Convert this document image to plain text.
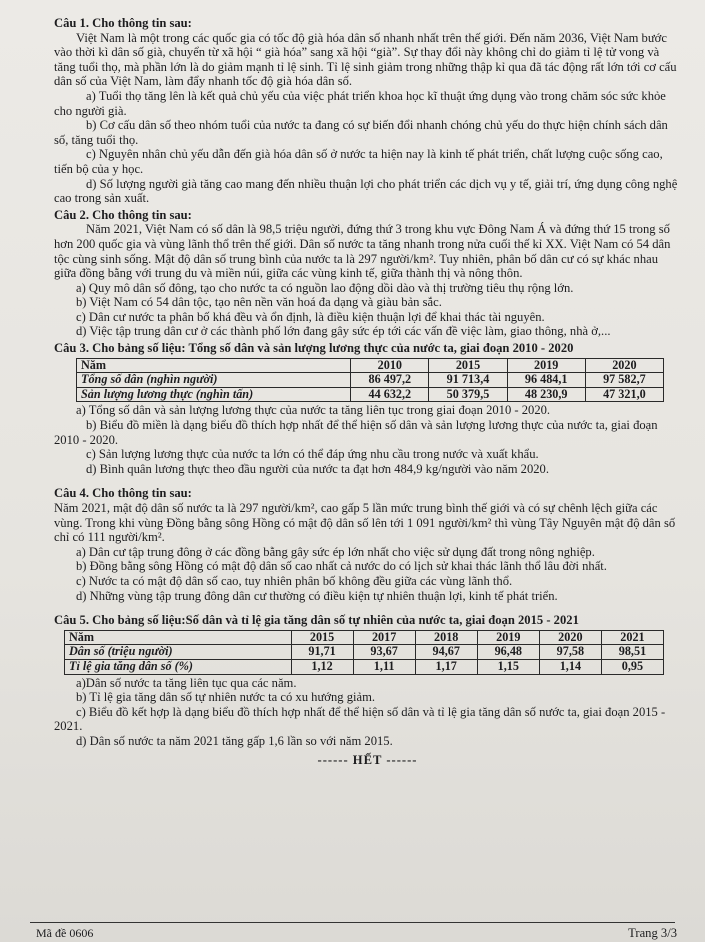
Câu 1. Cho thông tin sau:

Việt Nam là một trong các quốc gia có tốc độ già hóa dân số nhanh nhất trên thế giới. Đến năm 2036, Việt Nam bước vào thời kì dân số già, chuyển từ xã hội “ già hóa” sang xã hội “già”. Sự thay đổi này không chỉ do giảm tỉ lệ tử vong và tăng tuổi thọ, mà phần lớn là do giảm mạnh tỉ lệ sinh. Tỉ lệ sinh giảm trong những thập kỉ qua đã tác động rất lớn tới cơ cấu dân số của Việt Nam, làm đẩy nhanh tốc độ già hóa dân số.

a) Tuổi thọ tăng lên là kết quả chủ yếu của việc phát triển khoa học kĩ thuật ứng dụng vào trong chăm sóc sức khỏe cho người già.

b) Cơ cấu dân số theo nhóm tuổi của nước ta đang có sự biến đổi nhanh chóng chủ yếu do thực hiện chính sách dân số, tăng tuổi thọ.

c) Nguyên nhân chủ yếu dẫn đến già hóa dân số ở nước ta hiện nay là kinh tế phát triển, chất lượng cuộc sống cao, tiến bộ của y học.

d) Số lượng người già tăng cao mang đến nhiều thuận lợi cho phát triển các dịch vụ y tế, giải trí, ứng dụng công nghệ cao trong sản xuất.

Câu 2. Cho thông tin sau:

Năm 2021, Việt Nam có số dân là 98,5 triệu người, đứng thứ 3 trong khu vực Đông Nam Á và đứng thứ 15 trong số hơn 200 quốc gia và vùng lãnh thổ trên thế giới. Dân số nước ta tăng nhanh trong nửa cuối thế kỉ XX. Việt Nam có 54 dân tộc cùng sinh sống. Mật độ dân số trung bình của nước ta là 297 người/km². Tuy nhiên, phân bố dân cư có sự khác nhau giữa đồng bằng với trung du và miền núi, giữa các vùng kinh tế, giữa thành thị và nông thôn.

a) Quy mô dân số đông, tạo cho nước ta có nguồn lao động dồi dào và thị trường tiêu thụ rộng lớn.

b) Việt Nam có 54 dân tộc, tạo nên nền văn hoá đa dạng và giàu bản sắc.

c) Dân cư nước ta phân bố khá đều và ổn định, là điều kiện thuận lợi để khai thác tài nguyên.

d) Việc tập trung dân cư ở các thành phố lớn đang gây sức ép tới các vấn đề việc làm, giao thông, nhà ở,...

Câu 3. Cho bảng số liệu: Tổng số dân và sản lượng lương thực của nước ta, giai đoạn 2010 - 2020

Năm	2010	2015	2019	2020
Tổng số dân (nghìn người)	86 497,2	91 713,4	96 484,1	97 582,7
Sản lượng lương thực (nghìn tấn)	44 632,2	50 379,5	48 230,9	47 321,0

a) Tổng số dân và sản lượng lương thực của nước ta tăng liên tục trong giai đoạn 2010 - 2020.

b) Biểu đồ miền là dạng biểu đồ thích hợp nhất để thể hiện số dân và sản lượng lương thực của nước ta, giai đoạn 2010 - 2020.

c) Sản lượng lương thực của nước ta lớn có thể đáp ứng nhu cầu trong nước và xuất khẩu.

d) Bình quân lương thực theo đầu người của nước ta đạt hơn 484,9 kg/người vào năm 2020.

Câu 4. Cho thông tin sau:

Năm 2021, mật độ dân số nước ta là 297 người/km², cao gấp 5 lần mức trung bình thế giới và có sự chênh lệch giữa các vùng. Trong khi vùng Đồng bằng sông Hồng có mật độ dân số lên tới 1 091 người/km² thì vùng Tây Nguyên mật độ dân số chỉ có 111 người/km².

a) Dân cư tập trung đông ở các đồng bằng gây sức ép lớn nhất cho việc sử dụng đất trong nông nghiệp.

b) Đồng bằng sông Hồng có mật độ dân số cao nhất cả nước do có lịch sử khai thác lãnh thổ lâu đời nhất.

c) Nước ta có mật độ dân số cao, tuy nhiên phân bố không đều giữa các vùng lãnh thổ.

d) Những vùng tập trung đông dân cư thường có điều kiện tự nhiên thuận lợi, kinh tế phát triển.

Câu 5. Cho bảng số liệu:Số dân và tỉ lệ gia tăng dân số tự nhiên của nước ta, giai đoạn 2015 - 2021

Năm	2015	2017	2018	2019	2020	2021
Dân số (triệu người)	91,71	93,67	94,67	96,48	97,58	98,51
Tỉ lệ gia tăng dân số (%)	1,12	1,11	1,17	1,15	1,14	0,95

a)Dân số nước ta tăng liên tục qua các năm.

b) Tỉ lệ gia tăng dân số tự nhiên nước ta có xu hướng giảm.

c) Biểu đồ kết hợp là dạng biểu đồ thích hợp nhất để thể hiện số dân và tỉ lệ gia tăng dân số nước ta, giai đoạn 2015 - 2021.

d) Dân số nước ta năm 2021 tăng gấp 1,6 lần so với năm 2015.

------ HẾT ------

Mã đề 0606	Trang 3/3
